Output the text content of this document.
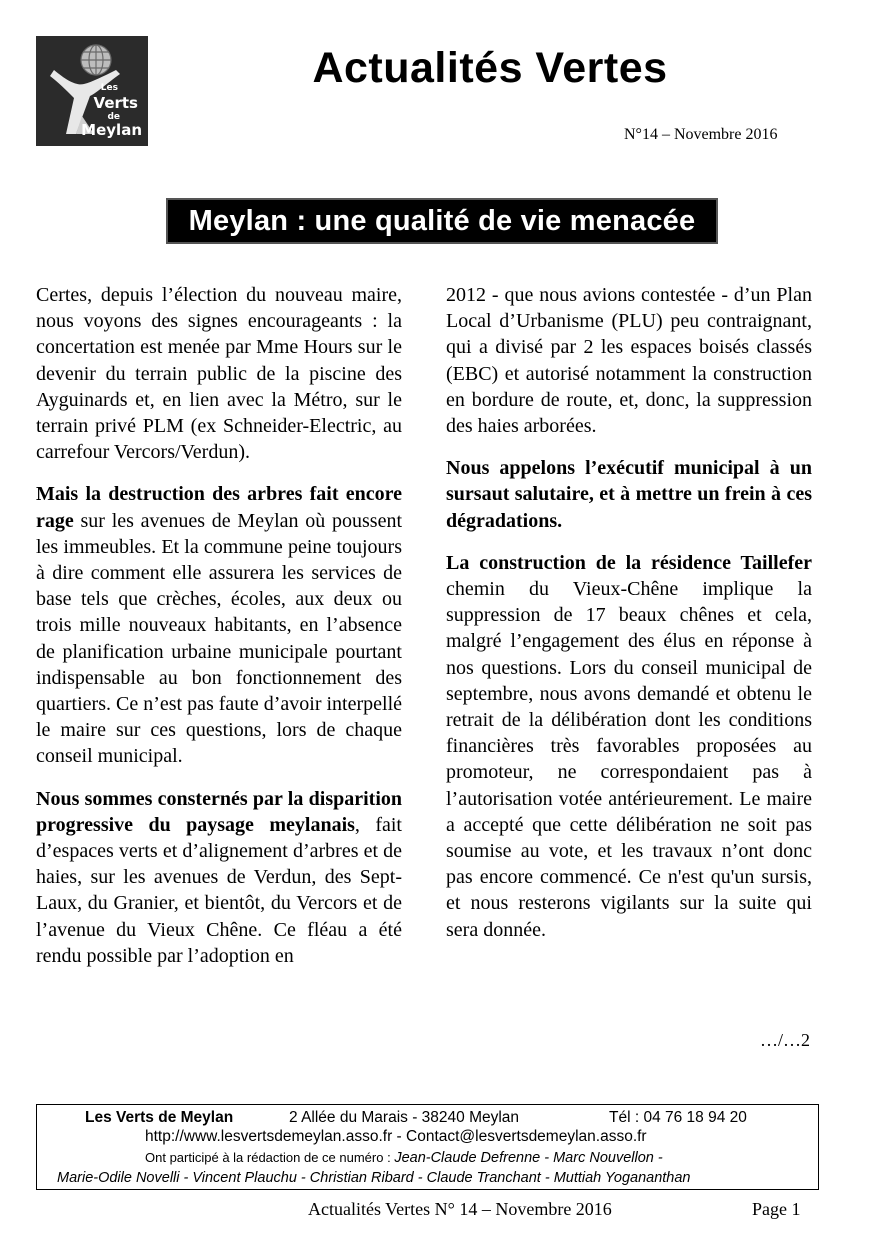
Les
Verts
de
Meylan
Actualités Vertes
N°14 – Novembre 2016
Meylan : une qualité de vie menacée

Certes, depuis l’élection du nouveau maire, nous voyons des signes encourageants : la concertation est menée par Mme Hours sur le devenir du terrain public de la piscine des Ayguinards et, en lien avec la Métro, sur le terrain privé PLM (ex Schneider-Electric, au carrefour Vercors/Verdun).

Mais la destruction des arbres fait encore rage sur les avenues de Meylan où poussent les immeubles. Et la commune peine toujours à dire comment elle assurera les services de base tels que crèches, écoles, aux deux ou trois mille nouveaux habitants, en l’absence de planification urbaine municipale pourtant indispensable au bon fonctionnement des quartiers. Ce n’est pas faute d’avoir interpellé le maire sur ces questions, lors de chaque conseil municipal.

Nous sommes consternés par la disparition progressive du paysage meylanais, fait d’espaces verts et d’alignement d’arbres et de haies, sur les avenues de Verdun, des Sept-Laux, du Granier, et bientôt, du Vercors et de l’avenue du Vieux Chêne. Ce fléau a été rendu possible par l’adoption en

2012 - que nous avions contestée - d’un Plan Local d’Urbanisme (PLU) peu contraignant, qui a divisé par 2 les espaces boisés classés (EBC) et autorisé notamment la construction en bordure de route, et, donc, la suppression des haies arborées.

Nous appelons l’exécutif municipal à un sursaut salutaire, et à mettre un frein à ces dégradations.

La construction de la résidence Taillefer chemin du Vieux-Chêne implique la suppression de 17 beaux chênes et cela, malgré l’engagement des élus en réponse à nos questions. Lors du conseil municipal de septembre, nous avons demandé et obtenu le retrait de la délibération dont les conditions financières très favorables proposées au promoteur, ne correspondaient pas à l’autorisation votée antérieurement. Le maire a accepté que cette délibération ne soit pas soumise au vote, et les travaux n’ont donc pas encore commencé. Ce n'est qu'un sursis, et nous resterons vigilants sur la suite qui sera donnée.

…/…2
Les Verts de Meylan	2 Allée du Marais - 38240 Meylan	Tél : 04 76 18 94 20
http://www.lesvertsdemeylan.asso.fr - Contact@lesvertsdemeylan.asso.fr
Ont participé à la rédaction de ce numéro : Jean-Claude Defrenne - Marc Nouvellon -
Marie-Odile Novelli - Vincent Plauchu - Christian Ribard - Claude Tranchant - Muttiah Yogananthan
Actualités Vertes N° 14 – Novembre 2016	Page 1
